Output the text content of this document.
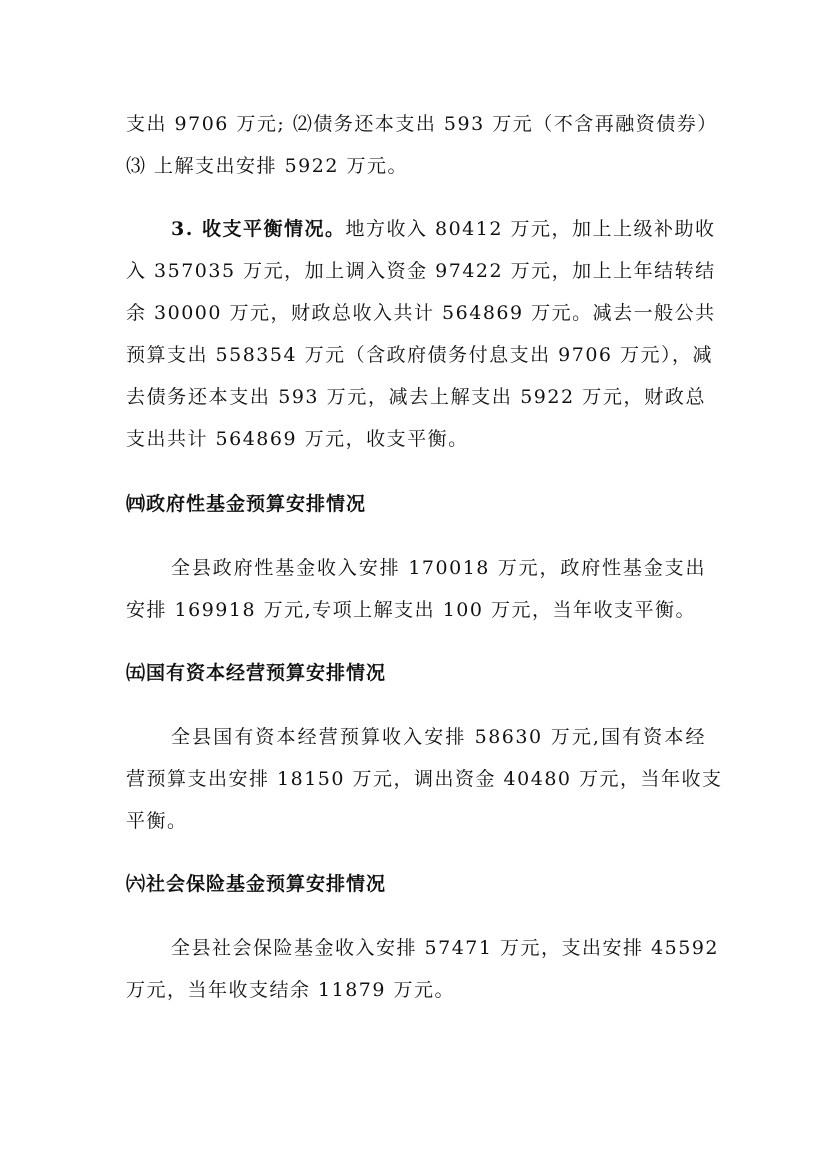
支出 9706 万元; ⑵债务还本支出 593 万元（不含再融资债券）
⑶ 上解支出安排 5922 万元。
3. 收支平衡情况。地方收入 80412 万元，加上上级补助收
入 357035 万元，加上调入资金 97422 万元，加上上年结转结
余 30000 万元，财政总收入共计 564869 万元。减去一般公共
预算支出 558354 万元（含政府债务付息支出 9706 万元），减
去债务还本支出 593 万元，减去上解支出 5922 万元，财政总
支出共计 564869 万元，收支平衡。
㈣政府性基金预算安排情况
全县政府性基金收入安排 170018 万元，政府性基金支出
安排 169918 万元,专项上解支出 100 万元，当年收支平衡。
㈤国有资本经营预算安排情况
全县国有资本经营预算收入安排 58630 万元,国有资本经
营预算支出安排 18150 万元，调出资金 40480 万元，当年收支
平衡。
㈥社会保险基金预算安排情况
全县社会保险基金收入安排 57471 万元，支出安排 45592
万元，当年收支结余 11879 万元。
